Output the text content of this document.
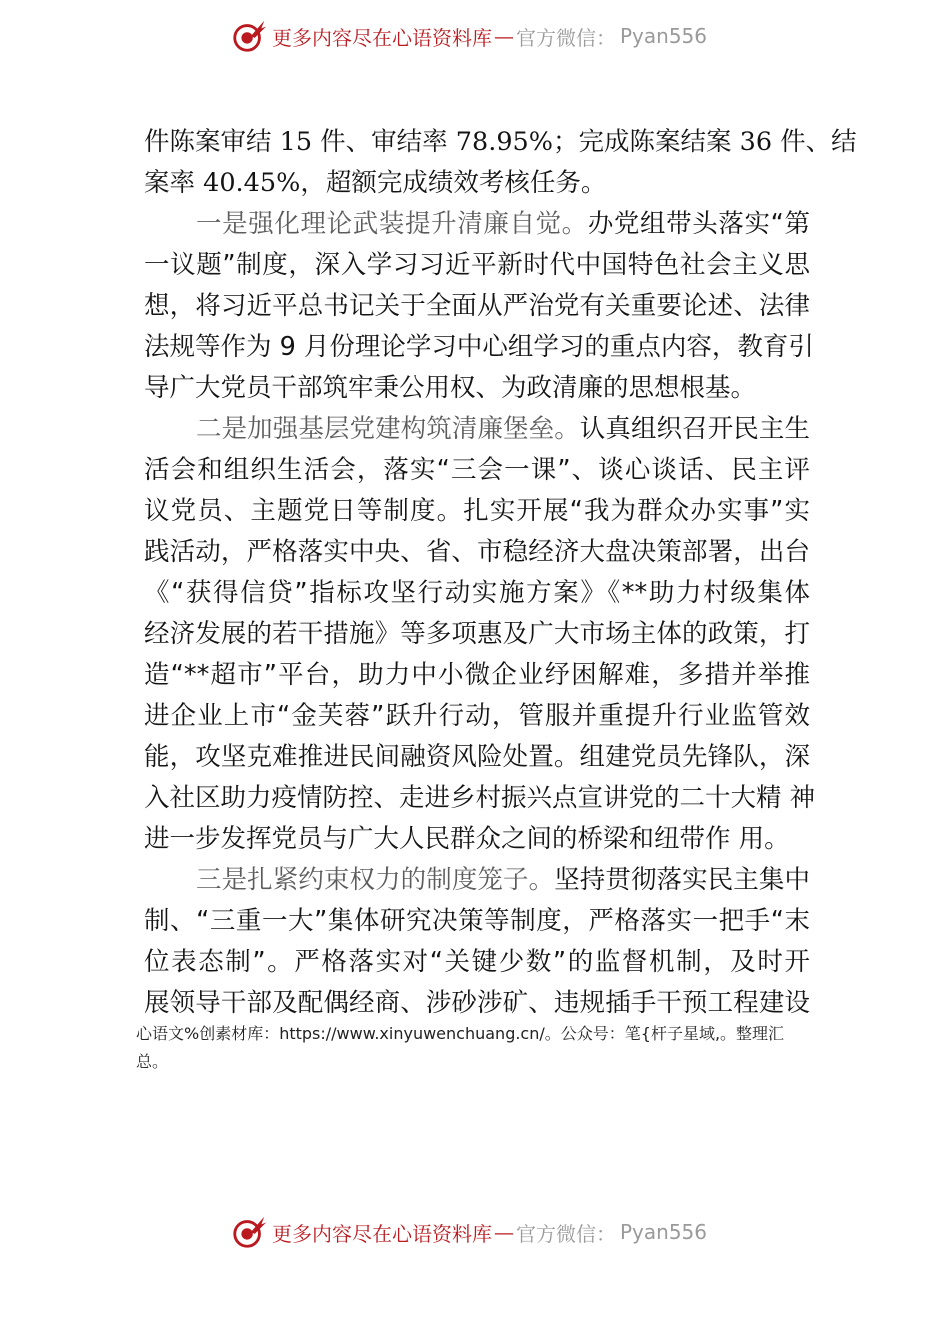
更多内容尽在心语资料库 — 官方微信： Pyan556
件陈案审结 15 件、审结率 78.95%；完成陈案结案 36 件、结
案率 40.45%，超额完成绩效考核任务。
一是强化理论武装提升清廉自觉。办党组带头落实“第
一议题”制度，深入学习习近平新时代中国特色社会主义思
想，将习近平总书记关于全面从严治党有关重要论述、法律
法规等作为 9 月份理论学习中心组学习的重点内容，教育引
导广大党员干部筑牢秉公用权、为政清廉的思想根基。
二是加强基层党建构筑清廉堡垒。认真组织召开民主生
活会和组织生活会，落实“三会一课”、谈心谈话、民主评
议党员、主题党日等制度。扎实开展“我为群众办实事”实
践活动，严格落实中央、省、市稳经济大盘决策部署，出台
《“获得信贷”指标攻坚行动实施方案》《**助力村级集体
经济发展的若干措施》等多项惠及广大市场主体的政策，打
造“**超市”平台，助力中小微企业纾困解难，多措并举推
进企业上市“金芙蓉”跃升行动，管服并重提升行业监管效
能，攻坚克难推进民间融资风险处置。组建党员先锋队，深
入社区助力疫情防控、走进乡村振兴点宣讲党的二十大精 神
进一步发挥党员与广大人民群众之间的桥梁和纽带作 用。
三是扎紧约束权力的制度笼子。坚持贯彻落实民主集中
制、“三重一大”集体研究决策等制度，严格落实一把手“末
位表态制”。严格落实对“关键少数”的监督机制，及时开
展领导干部及配偶经商、涉砂涉矿、违规插手干预工程建设
心语文%创素材库：https://www.xinyuwenchuang.cn/。公众号：笔{杆子星域,。整理汇总。
更多内容尽在心语资料库 — 官方微信： Pyan556
